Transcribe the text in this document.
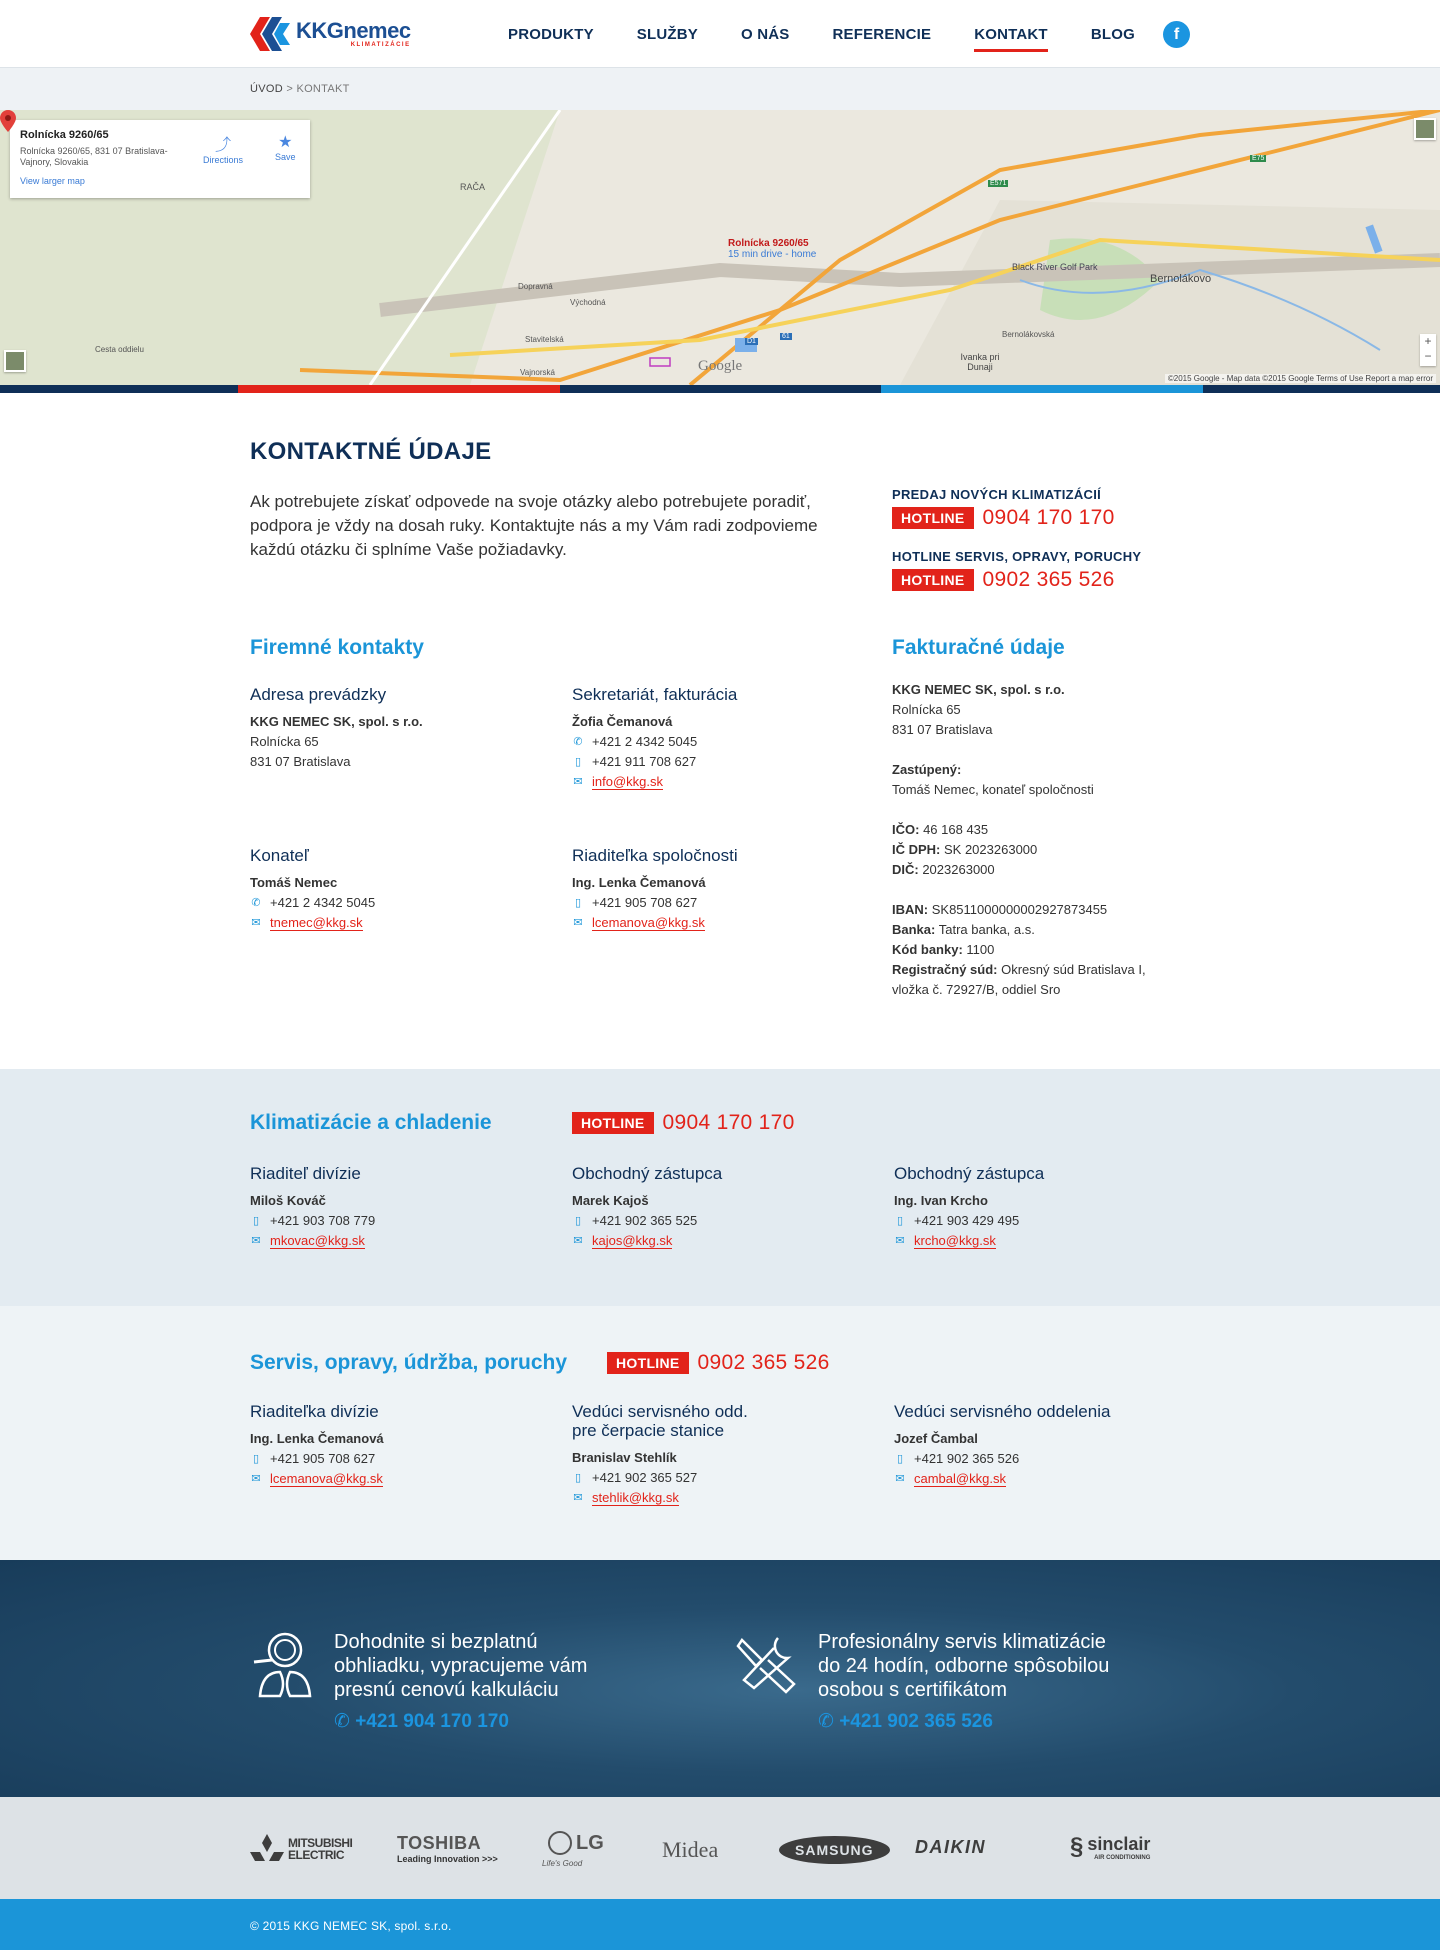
KKGnemec
KLIMATIZÁCIE
PRODUKTY	SLUŽBY	O NÁS	REFERENCIE	KONTAKT	BLOG	f
ÚVOD > KONTAKT
Rolnícka 9260/65
Rolnícka 9260/65, 831 07 Bratislava-Vajnory, Slovakia
View larger map
⤴
Directions
★
Save
Rolnícka 9260/65
15 min drive - home
RAČA
Bernolákovo
Black River Golf Park
Ivanka pri Dunaji
E571
E75
61
D1
Stavitelská
Vajnorská
Dopravná
Východná
Bernolákovská
Cesta oddielu
Google
+
−
©2015 Google - Map data ©2015 Google Terms of Use Report a map error
KONTAKTNÉ ÚDAJE
Ak potrebujete získať odpovede na svoje otázky alebo potrebujete poradiť, podpora je vždy na dosah ruky. Kontaktujte nás a my Vám radi zodpovieme každú otázku či splníme Vaše požiadavky.
PREDAJ NOVÝCH KLIMATIZÁCIÍ
HOTLINE 0904 170 170
HOTLINE SERVIS, OPRAVY, PORUCHY
HOTLINE 0902 365 526
Firemné kontakty
Adresa prevádzky
KKG NEMEC SK, spol. s r.o.
Rolnícka 65
831 07 Bratislava
Sekretariát, fakturácia
Žofia Čemanová
✆ +421 2 4342 5045
▯ +421 911 708 627
✉ info@kkg.sk
Konateľ
Tomáš Nemec
✆ +421 2 4342 5045
✉ tnemec@kkg.sk
Riaditeľka spoločnosti
Ing. Lenka Čemanová
▯ +421 905 708 627
✉ lcemanova@kkg.sk
Fakturačné údaje
KKG NEMEC SK, spol. s r.o.
Rolnícka 65
831 07 Bratislava
Zastúpený:
Tomáš Nemec, konateľ spoločnosti
IČO: 46 168 435
IČ DPH: SK 2023263000
DIČ: 2023263000
IBAN: SK8511000000002927873455
Banka: Tatra banka, a.s.
Kód banky: 1100
Registračný súd: Okresný súd Bratislava I,
vložka č. 72927/B, oddiel Sro
Klimatizácie a chladenie	HOTLINE 0904 170 170
Riaditeľ divízie
Miloš Kováč
▯ +421 903 708 779
✉ mkovac@kkg.sk
Obchodný zástupca
Marek Kajoš
▯ +421 902 365 525
✉ kajos@kkg.sk
Obchodný zástupca
Ing. Ivan Krcho
▯ +421 903 429 495
✉ krcho@kkg.sk
Servis, opravy, údržba, poruchy	HOTLINE 0902 365 526
Riaditeľka divízie
Ing. Lenka Čemanová
▯ +421 905 708 627
✉ lcemanova@kkg.sk
Vedúci servisného odd.
pre čerpacie stanice
Branislav Stehlík
▯ +421 902 365 527
✉ stehlik@kkg.sk
Vedúci servisného oddelenia
Jozef Čambal
▯ +421 902 365 526
✉ cambal@kkg.sk
Dohodnite si bezplatnú
obhliadku, vypracujeme vám
presnú cenovú kalkuláciu
✆ +421 904 170 170
Profesionálny servis klimatizácie
do 24 hodín, odborne spôsobilou
osobou s certifikátom
✆ +421 902 365 526
MITSUBISHI
ELECTRIC
TOSHIBA
Leading Innovation >>>
LG
Life's Good
Midea	SAMSUNG	DAIKIN	§ sinclair
AIR CONDITIONING
© 2015 KKG NEMEC SK, spol. s.r.o.
